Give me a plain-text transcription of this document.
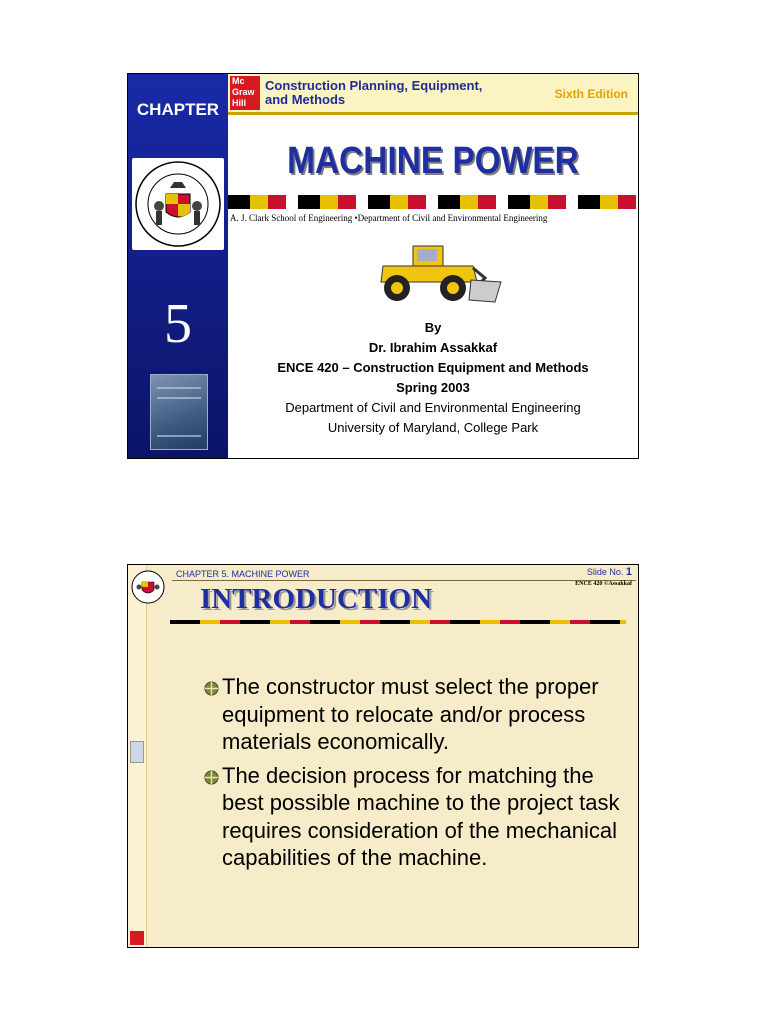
CHAPTER
5
Mc
Graw
Hill
Construction Planning, Equipment,
and Methods	Sixth Edition
MACHINE POWER
A. J. Clark School of Engineering •Department of Civil and Environmental Engineering
By
Dr. Ibrahim Assakkaf
ENCE 420 – Construction Equipment and Methods
Spring 2003
Department of Civil and Environmental Engineering
University of Maryland, College Park
CHAPTER 5. MACHINE POWER	Slide No. 1
ENCE 420 ©Assakkaf
INTRODUCTION
The constructor must select the proper equipment to relocate and/or process materials economically.
The decision process for matching the best possible machine to the project task requires consideration of the mechanical capabilities of the machine.
